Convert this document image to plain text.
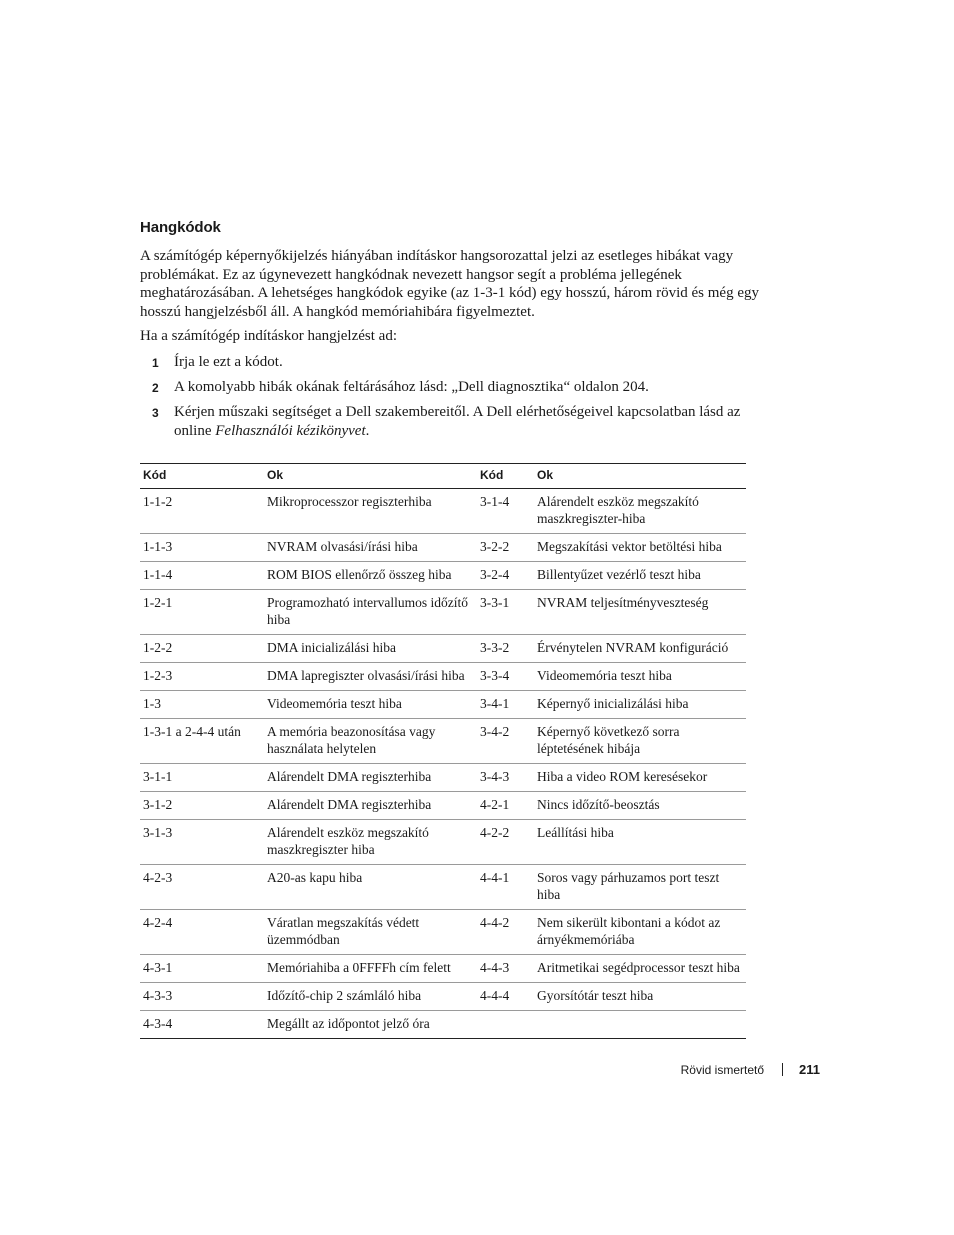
Hangkódok

A számítógép képernyőkijelzés hiányában indításkor hangsorozattal jelzi az esetleges hibákat vagy problémákat. Ez az úgynevezett hangkódnak nevezett hangsor segít a probléma jellegének meghatározásában. A lehetséges hangkódok egyike (az 1-3-1 kód) egy hosszú, három rövid és még egy hosszú hangjelzésből áll. A hangkód memóriahibára figyelmeztet.

Ha a számítógép indításkor hangjelzést ad:

1 Írja le ezt a kódot.
2 A komolyabb hibák okának feltárásához lásd: „Dell diagnosztika“ oldalon 204.
3 Kérjen műszaki segítséget a Dell szakembereitől. A Dell elérhetőségeivel kapcsolatban lásd az online Felhasználói kézikönyvet.
Kód	Ok	Kód	Ok
1-1-2	Mikroprocesszor regiszterhiba	3-1-4	Alárendelt eszköz megszakító maszkregiszter-hiba
1-1-3	NVRAM olvasási/írási hiba	3-2-2	Megszakítási vektor betöltési hiba
1-1-4	ROM BIOS ellenőrző összeg hiba	3-2-4	Billentyűzet vezérlő teszt hiba
1-2-1	Programozható intervallumos időzítő hiba	3-3-1	NVRAM teljesítményveszteség
1-2-2	DMA inicializálási hiba	3-3-2	Érvénytelen NVRAM konfiguráció
1-2-3	DMA lapregiszter olvasási/írási hiba	3-3-4	Videomemória teszt hiba
1-3	Videomemória teszt hiba	3-4-1	Képernyő inicializálási hiba
1-3-1 a 2-4-4 után	A memória beazonosítása vagy használata helytelen	3-4-2	Képernyő következő sorra léptetésének hibája
3-1-1	Alárendelt DMA regiszterhiba	3-4-3	Hiba a video ROM keresésekor
3-1-2	Alárendelt DMA regiszterhiba	4-2-1	Nincs időzítő-beosztás
3-1-3	Alárendelt eszköz megszakító maszkregiszter hiba	4-2-2	Leállítási hiba
4-2-3	A20-as kapu hiba	4-4-1	Soros vagy párhuzamos port teszt hiba
4-2-4	Váratlan megszakítás védett üzemmódban	4-4-2	Nem sikerült kibontani a kódot az árnyékmemóriába
4-3-1	Memóriahiba a 0FFFFh cím felett	4-4-3	Aritmetikai segédprocessor teszt hiba
4-3-3	Időzítő-chip 2 számláló hiba	4-4-4	Gyorsítótár teszt hiba
4-3-4	Megállt az időpontot jelző óra		
Rövid ismertető	211
